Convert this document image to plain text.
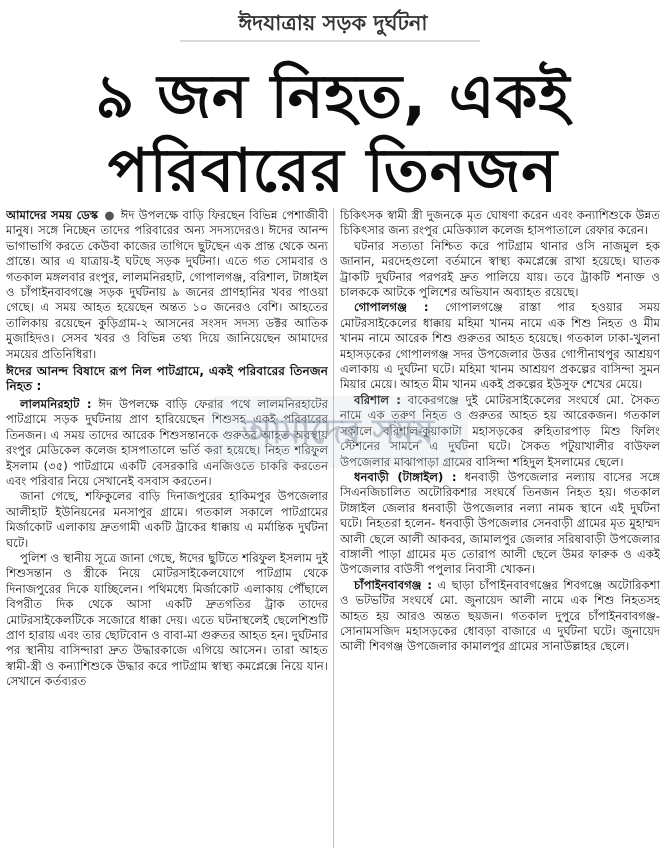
ঈদযাত্রায় সড়ক দুর্ঘটনা
৯ জন নিহত, একই
পরিবারের তিনজন

আমাদের সময় ডেস্ক ● ঈদ উপলক্ষে বাড়ি ফিরছেন বিভিন্ন পেশাজীবী মানুষ। সঙ্গে নিচ্ছেন তাদের পরিবারের অন্য সদস্যদেরও। ঈদের আনন্দ ভাগাভাগি করতে কেউবা কাজের তাগিদে ছুটছেন এক প্রান্ত থেকে অন্য প্রান্তে। আর এ যাত্রায়-ই ঘটছে সড়ক দুর্ঘটনা। এতে গত সোমবার ও গতকাল মঙ্গলবার রংপুর, লালমনিরহাট, গোপালগঞ্জ, বরিশাল, টাঙ্গাইল ও চাঁপাইনবাবগঞ্জে সড়ক দুর্ঘটনায় ৯ জনের প্রাণহানির খবর পাওয়া গেছে। এ সময় আহত হয়েছেন অন্তত ১০ জনেরও বেশি। আহতের তালিকায় রয়েছেন কুড়িগ্রাম-২ আসনের সংসদ সদস্য ডক্টর আতিক মুজাহিদও। সেসব খবর ও বিভিন্ন তথ্য দিয়ে জানিয়েছেন আমাদের সময়ের প্রতিনিধিরা।

ঈদের আনন্দ বিষাদে রূপ নিল পাটগ্রামে, একই পরিবারের তিনজন নিহত :

লালমনিরহাট : ঈদ উপলক্ষে বাড়ি ফেরার পথে লালমনিরহাটের পাটগ্রামে সড়ক দুর্ঘটনায় প্রাণ হারিয়েছেন শিশুসহ একই পরিবারের তিনজন। এ সময় তাদের আরেক শিশুসন্তানকে গুরুতর আহত অবস্থায় রংপুর মেডিকেল কলেজ হাসপাতালে ভর্তি করা হয়েছে। নিহত শরিফুল ইসলাম (৩৫) পাটগ্রামে একটি বেসরকারি এনজিওতে চাকরি করতেন এবং পরিবার নিয়ে সেখানেই বসবাস করতেন।

জানা গেছে, শফিকুলের বাড়ি দিনাজপুরের হাকিমপুর উপজেলার আলীহাট ইউনিয়নের মনসাপুর গ্রামে। গতকাল সকালে পাটগ্রামের মির্জাকোট এলাকায় দ্রুতগামী একটি ট্রাকের ধাক্কায় এ মর্মান্তিক দুর্ঘটনা ঘটে।

পুলিশ ও স্থানীয় সূত্রে জানা গেছে, ঈদের ছুটিতে শরিফুল ইসলাম দুই শিশুসন্তান ও স্ত্রীকে নিয়ে মোটরসাইকেলযোগে পাটগ্রাম থেকে দিনাজপুরের দিকে যাচ্ছিলেন। পথিমধ্যে মির্জাকোট এলাকায় পৌঁছালে বিপরীত দিক থেকে আসা একটি দ্রুতগতির ট্রাক তাদের মোটরসাইকেলটিকে সজোরে ধাক্কা দেয়। এতে ঘটনাস্থলেই ছেলেশিশুটি প্রাণ হারায় এবং তার ছোটবোন ও বাবা-মা গুরুতর আহত হন। দুর্ঘটনার পর স্থানীয় বাসিন্দারা দ্রুত উদ্ধারকাজে এগিয়ে আসেন। তারা আহত স্বামী-স্ত্রী ও কন্যাশিশুকে উদ্ধার করে পাটগ্রাম স্বাস্থ্য কমপ্লেক্সে নিয়ে যান। সেখানে কর্তব্যরত

চিকিৎসক স্বামী স্ত্রী দুজনকে মৃত ঘোষণা করেন এবং কন্যাশিশুকে উন্নত চিকিৎসার জন্য রংপুর মেডিক্যাল কলেজ হাসপাতালে রেফার করেন।

ঘটনার সত্যতা নিশ্চিত করে পাটগ্রাম থানার ওসি নাজমুল হক জানান, মরদেহগুলো বর্তমানে স্বাস্থ্য কমপ্লেক্সে রাখা হয়েছে। ঘাতক ট্রাকটি দুর্ঘটনার পরপরই দ্রুত পালিয়ে যায়। তবে ট্রাকটি শনাক্ত ও চালককে আটকে পুলিশের অভিযান অব্যাহত রয়েছে।

গোপালগঞ্জ : গোপালগঞ্জে রাস্তা পার হওয়ার সময় মোটরসাইকেলের ধাক্কায় মহিমা খানম নামে এক শিশু নিহত ও মীম খানম নামে আরেক শিশু গুরুতর আহত হয়েছে। গতকাল ঢাকা-খুলনা মহাসড়কের গোপালগঞ্জ সদর উপজেলার উত্তর গোপীনাথপুর আশ্রয়ণ এলাকায় এ দুর্ঘটনা ঘটে। মহিমা খানম আশ্রয়ণ প্রকল্পের বাসিন্দা সুমন মিয়ার মেয়ে। আহত মীম খানম একই প্রকল্পের ইউসুফ শেখের মেয়ে।

বরিশাল : বাকেরগঞ্জে দুই মোটরসাইকেলের সংঘর্ষে মো. সৈকত নামে এক তরুণ নিহত ও গুরুতর আহত হয় আরেকজন। গতকাল সকালে বরিশাল-কুয়াকাটা মহাসড়কের রুহিতারপাড় মিশু ফিলিং স্টেশনের সামনে এ দুর্ঘটনা ঘটে। সৈকত পটুয়াখালীর বাউফল উপজেলার মাঝাপাড়া গ্রামের বাসিন্দা শহিদুল ইসলামের ছেলে।

ধনবাড়ী (টাঙ্গাইল) : ধনবাড়ী উপজেলার নল্যায় বাসের সঙ্গে সিএনজিচালিত অটোরিকশার সংঘর্ষে তিনজন নিহত হয়। গতকাল টাঙ্গাইল জেলার ধনবাড়ী উপজেলার নল্যা নামক স্থানে এই দুর্ঘটনা ঘটে। নিহতরা হলেন- ধনবাড়ী উপজেলার সেনবাড়ী গ্রামের মৃত মুহাম্মদ আলী ছেলে আলী আকবর, জামালপুর জেলার সরিষাবাড়ী উপজেলার বাঙ্গালী পাড়া গ্রামের মৃত তোরাপ আলী ছেলে উমর ফারুক ও একই উপজেলার বাউসী পপুলার নিবাসী খোকন।

চাঁপাইনবাবগঞ্জ : এ ছাড়া চাঁপাইনবাবগঞ্জের শিবগঞ্জে অটোরিকশা ও ভটভটির সংঘর্ষে মো. জুনায়েদ আলী নামে এক শিশু নিহতসহ আহত হয় আরও অন্তত ছয়জন। গতকাল দুপুরে চাঁপাইনবাবগঞ্জ-সোনামসজিদ মহাসড়কের ধোবড়া বাজারে এ দুর্ঘটনা ঘটে। জুনায়েদ আলী শিবগঞ্জ উপজেলার কামালপুর গ্রামের সানাউল্লাহর ছেলে।

আমাদের সময়
